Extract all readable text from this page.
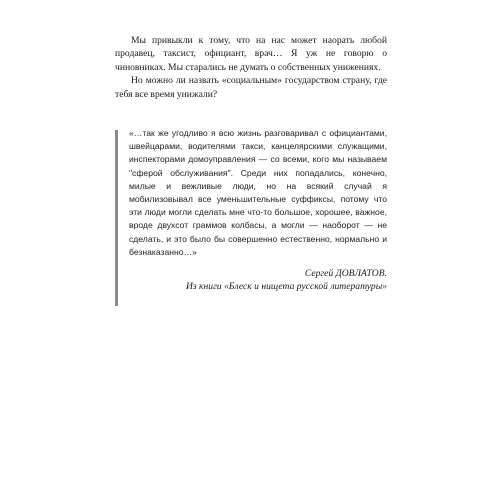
Мы привыкли к тому, что на нас может наорать любой продавец, таксист, официант, врач… Я уж не говорю о чиновниках. Мы старались не думать о собственных унижениях.

Но можно ли назвать «социальным» государством страну, где тебя все время унижали?

«…так же угодливо я всю жизнь разговаривал с официантами, швейцарами, водителями такси, канцелярскими служащими, инспекторами домоуправления — со всеми, кого мы называем "сферой обслуживания". Среди них попадались, конечно, милые и вежливые люди, но на всякий случай я мобилизовывал все уменьшительные суффиксы, потому что эти люди могли сделать мне что-то большое, хорошее, важное, вроде двухсот граммов колбасы, а могли — наоборот — не сделать, и это было бы совершенно естественно, нормально и безнаказанно…»

Сергей ДОВЛАТОВ.
Из книги «Блеск и нищета русской литературы»
